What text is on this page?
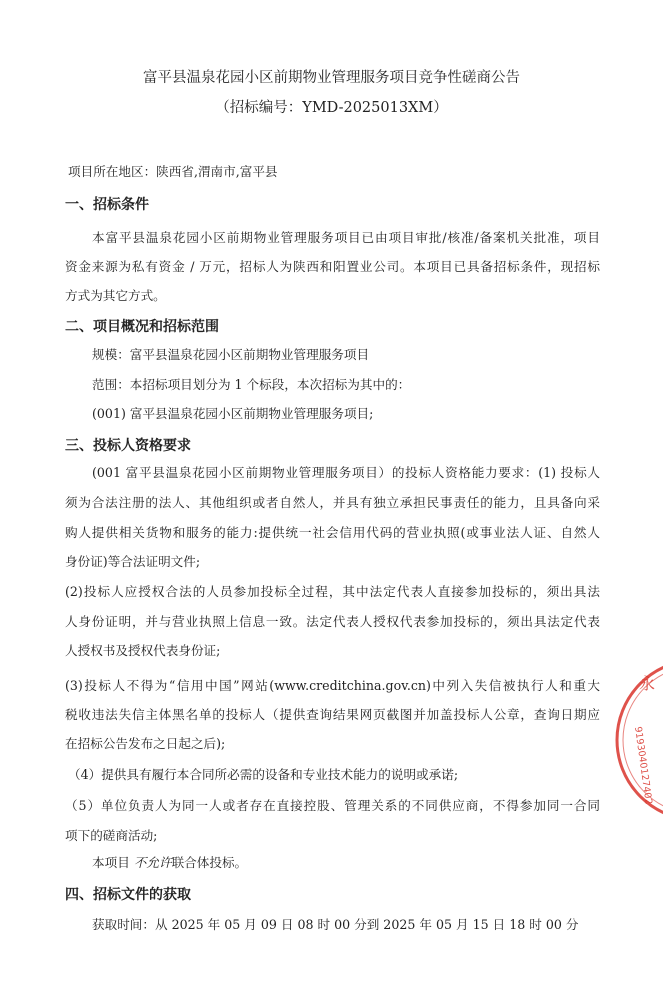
富平县温泉花园小区前期物业管理服务项目竞争性磋商公告
（招标编号：YMD-2025013XM）
项目所在地区：陕西省,渭南市,富平县
一、招标条件
本富平县温泉花园小区前期物业管理服务项目已由项目审批/核准/备案机关批准，项目
资金来源为私有资金 / 万元，招标人为陕西和阳置业公司。本项目已具备招标条件，现招标
方式为其它方式。
二、项目概况和招标范围
规模：富平县温泉花园小区前期物业管理服务项目
范围：本招标项目划分为 1 个标段，本次招标为其中的：
(001) 富平县温泉花园小区前期物业管理服务项目;
三、投标人资格要求
(001 富平县温泉花园小区前期物业管理服务项目）的投标人资格能力要求：(1) 投标人
须为合法注册的法人、其他组织或者自然人，并具有独立承担民事责任的能力，且具备向采
购人提供相关货物和服务的能力:提供统一社会信用代码的营业执照(或事业法人证、自然人
身份证)等合法证明文件;
(2)投标人应授权合法的人员参加投标全过程，其中法定代表人直接参加投标的，须出具法
人身份证明，并与营业执照上信息一致。法定代表人授权代表参加投标的，须出具法定代表
人授权书及授权代表身份证;
(3)投标人不得为“信用中国”网站(www.creditchina.gov.cn)中列入失信被执行人和重大
税收违法失信主体黑名单的投标人（提供查询结果网页截图并加盖投标人公章，查询日期应
在招标公告发布之日起之后);
（4）提供具有履行本合同所必需的设备和专业技术能力的说明或承诺;
（5）单位负责人为同一人或者存在直接控股、管理关系的不同供应商，不得参加同一合同
项下的磋商活动;
本项目 不允许联合体投标。
四、招标文件的获取
获取时间：从 2025 年 05 月 09 日 08 时 00 分到 2025 年 05 月 15 日 18 时 00 分
永
9193040127402
